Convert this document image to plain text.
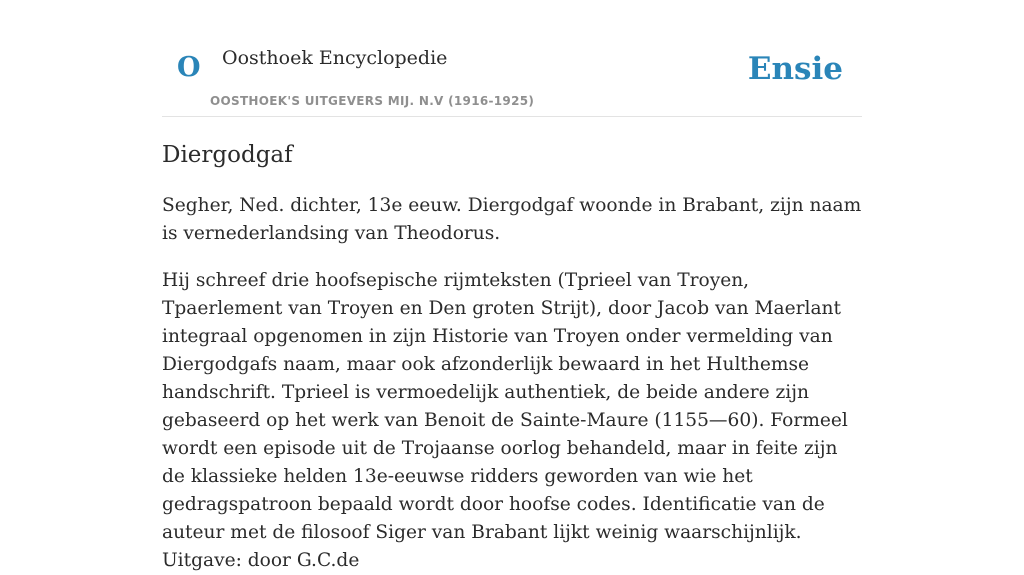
O Oosthoek Encyclopedie
OOSTHOEK'S UITGEVERS MIJ. N.V (1916-1925)
Ensie
Diergodgaf

Segher, Ned. dichter, 13e eeuw. Diergodgaf woonde in Brabant, zijn naam is vernederlandsing van Theodorus.

Hij schreef drie hoofsepische rijmteksten (Tprieel van Troyen, Tpaerlement van Troyen en Den groten Strijt), door Jacob van Maerlant integraal opgenomen in zijn Historie van Troyen onder vermelding van Diergodgafs naam, maar ook afzonderlijk bewaard in het Hulthemse handschrift. Tprieel is vermoedelijk authentiek, de beide andere zijn gebaseerd op het werk van Benoit de Sainte-Maure (1155—60). Formeel wordt een episode uit de Trojaanse oorlog behandeld, maar in feite zijn de klassieke helden 13e-eeuwse ridders geworden van wie het gedragspatroon bepaald wordt door hoofse codes. Identificatie van de auteur met de filosoof Siger van Brabant lijkt weinig waarschijnlijk. Uitgave: door G.C.de
